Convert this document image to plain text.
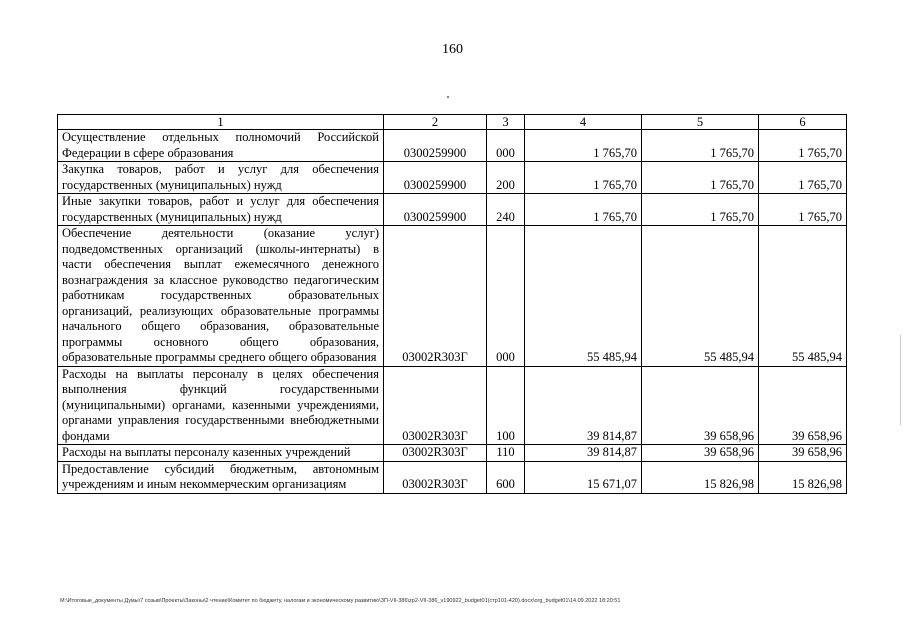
160
1	2	3	4	5	6
Осуществление отдельных полномочий Российской Федерации в сфере образования	0300259900	000	1 765,70	1 765,70	1 765,70
Закупка товаров, работ и услуг для обеспечения государственных (муниципальных) нужд	0300259900	200	1 765,70	1 765,70	1 765,70
Иные закупки товаров, работ и услуг для обеспечения государственных (муниципальных) нужд	0300259900	240	1 765,70	1 765,70	1 765,70
Обеспечение деятельности (оказание услуг) подведомственных организаций (школы-интернаты) в части обеспечения выплат ежемесячного денежного вознаграждения за классное руководство педагогическим работникам государственных образовательных организаций, реализующих образовательные программы начального общего образования, образовательные программы основного общего образования, образовательные программы среднего общего образования	03002R303Г	000	55 485,94	55 485,94	55 485,94
Расходы на выплаты персоналу в целях обеспечения выполнения функций государственными (муниципальными) органами, казенными учреждениями, органами управления государственными внебюджетными фондами	03002R303Г	100	39 814,87	39 658,96	39 658,96
Расходы на выплаты персоналу казенных учреждений	03002R303Г	110	39 814,87	39 658,96	39 658,96
Предоставление субсидий бюджетным, автономным учреждениям и иным некоммерческим организациям	03002R303Г	600	15 671,07	15 826,98	15 826,98
M:\Итоговые_документы Думы\7 созыв\Проекты\Законы\2 чтение\Комитет по бюджету, налогам и экономическому развитию\ЗП-VII-386\zp2-VII-386_v190922_budget01(стр101-420).docx\org_budget01\14.09.2022 18:20:51
